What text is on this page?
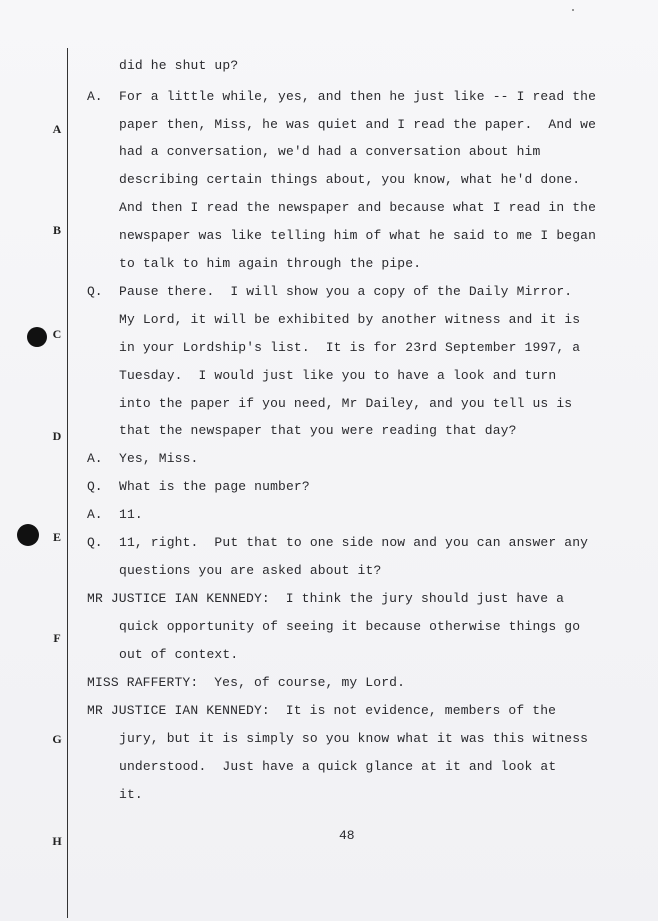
A
B
C
D
E
F
G
H
did he shut up?
A. For a little while, yes, and then he just like -- I read the
paper then, Miss, he was quiet and I read the paper.  And we
had a conversation, we'd had a conversation about him
describing certain things about, you know, what he'd done.
And then I read the newspaper and because what I read in the
newspaper was like telling him of what he said to me I began
to talk to him again through the pipe.
Q. Pause there.  I will show you a copy of the Daily Mirror.
My Lord, it will be exhibited by another witness and it is
in your Lordship's list.  It is for 23rd September 1997, a
Tuesday.  I would just like you to have a look and turn
into the paper if you need, Mr Dailey, and you tell us is
that the newspaper that you were reading that day?
A. Yes, Miss.
Q. What is the page number?
A. 11.
Q. 11, right.  Put that to one side now and you can answer any
questions you are asked about it?
MR JUSTICE IAN KENNEDY:  I think the jury should just have a
quick opportunity of seeing it because otherwise things go
out of context.
MISS RAFFERTY:  Yes, of course, my Lord.
MR JUSTICE IAN KENNEDY:  It is not evidence, members of the
jury, but it is simply so you know what it was this witness
understood.  Just have a quick glance at it and look at
it.
48
